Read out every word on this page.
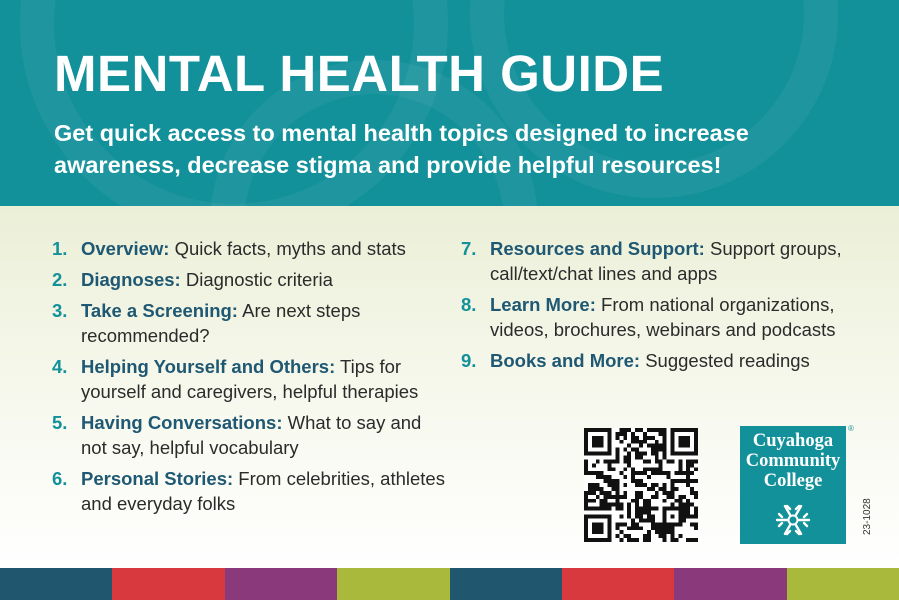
MENTAL HEALTH GUIDE

Get quick access to mental health topics designed to increase awareness, decrease stigma and provide helpful resources!

1. Overview: Quick facts, myths and stats
2. Diagnoses: Diagnostic criteria
3. Take a Screening: Are next steps recommended?
4. Helping Yourself and Others: Tips for yourself and caregivers, helpful therapies
5. Having Conversations: What to say and not say, helpful vocabulary
6. Personal Stories: From celebrities, athletes and everyday folks
7. Resources and Support: Support groups, call/text/chat lines and apps
8. Learn More: From national organizations, videos, brochures, webinars and podcasts
9. Books and More: Suggested readings
Cuyahoga
Community
College
®
23-1028
